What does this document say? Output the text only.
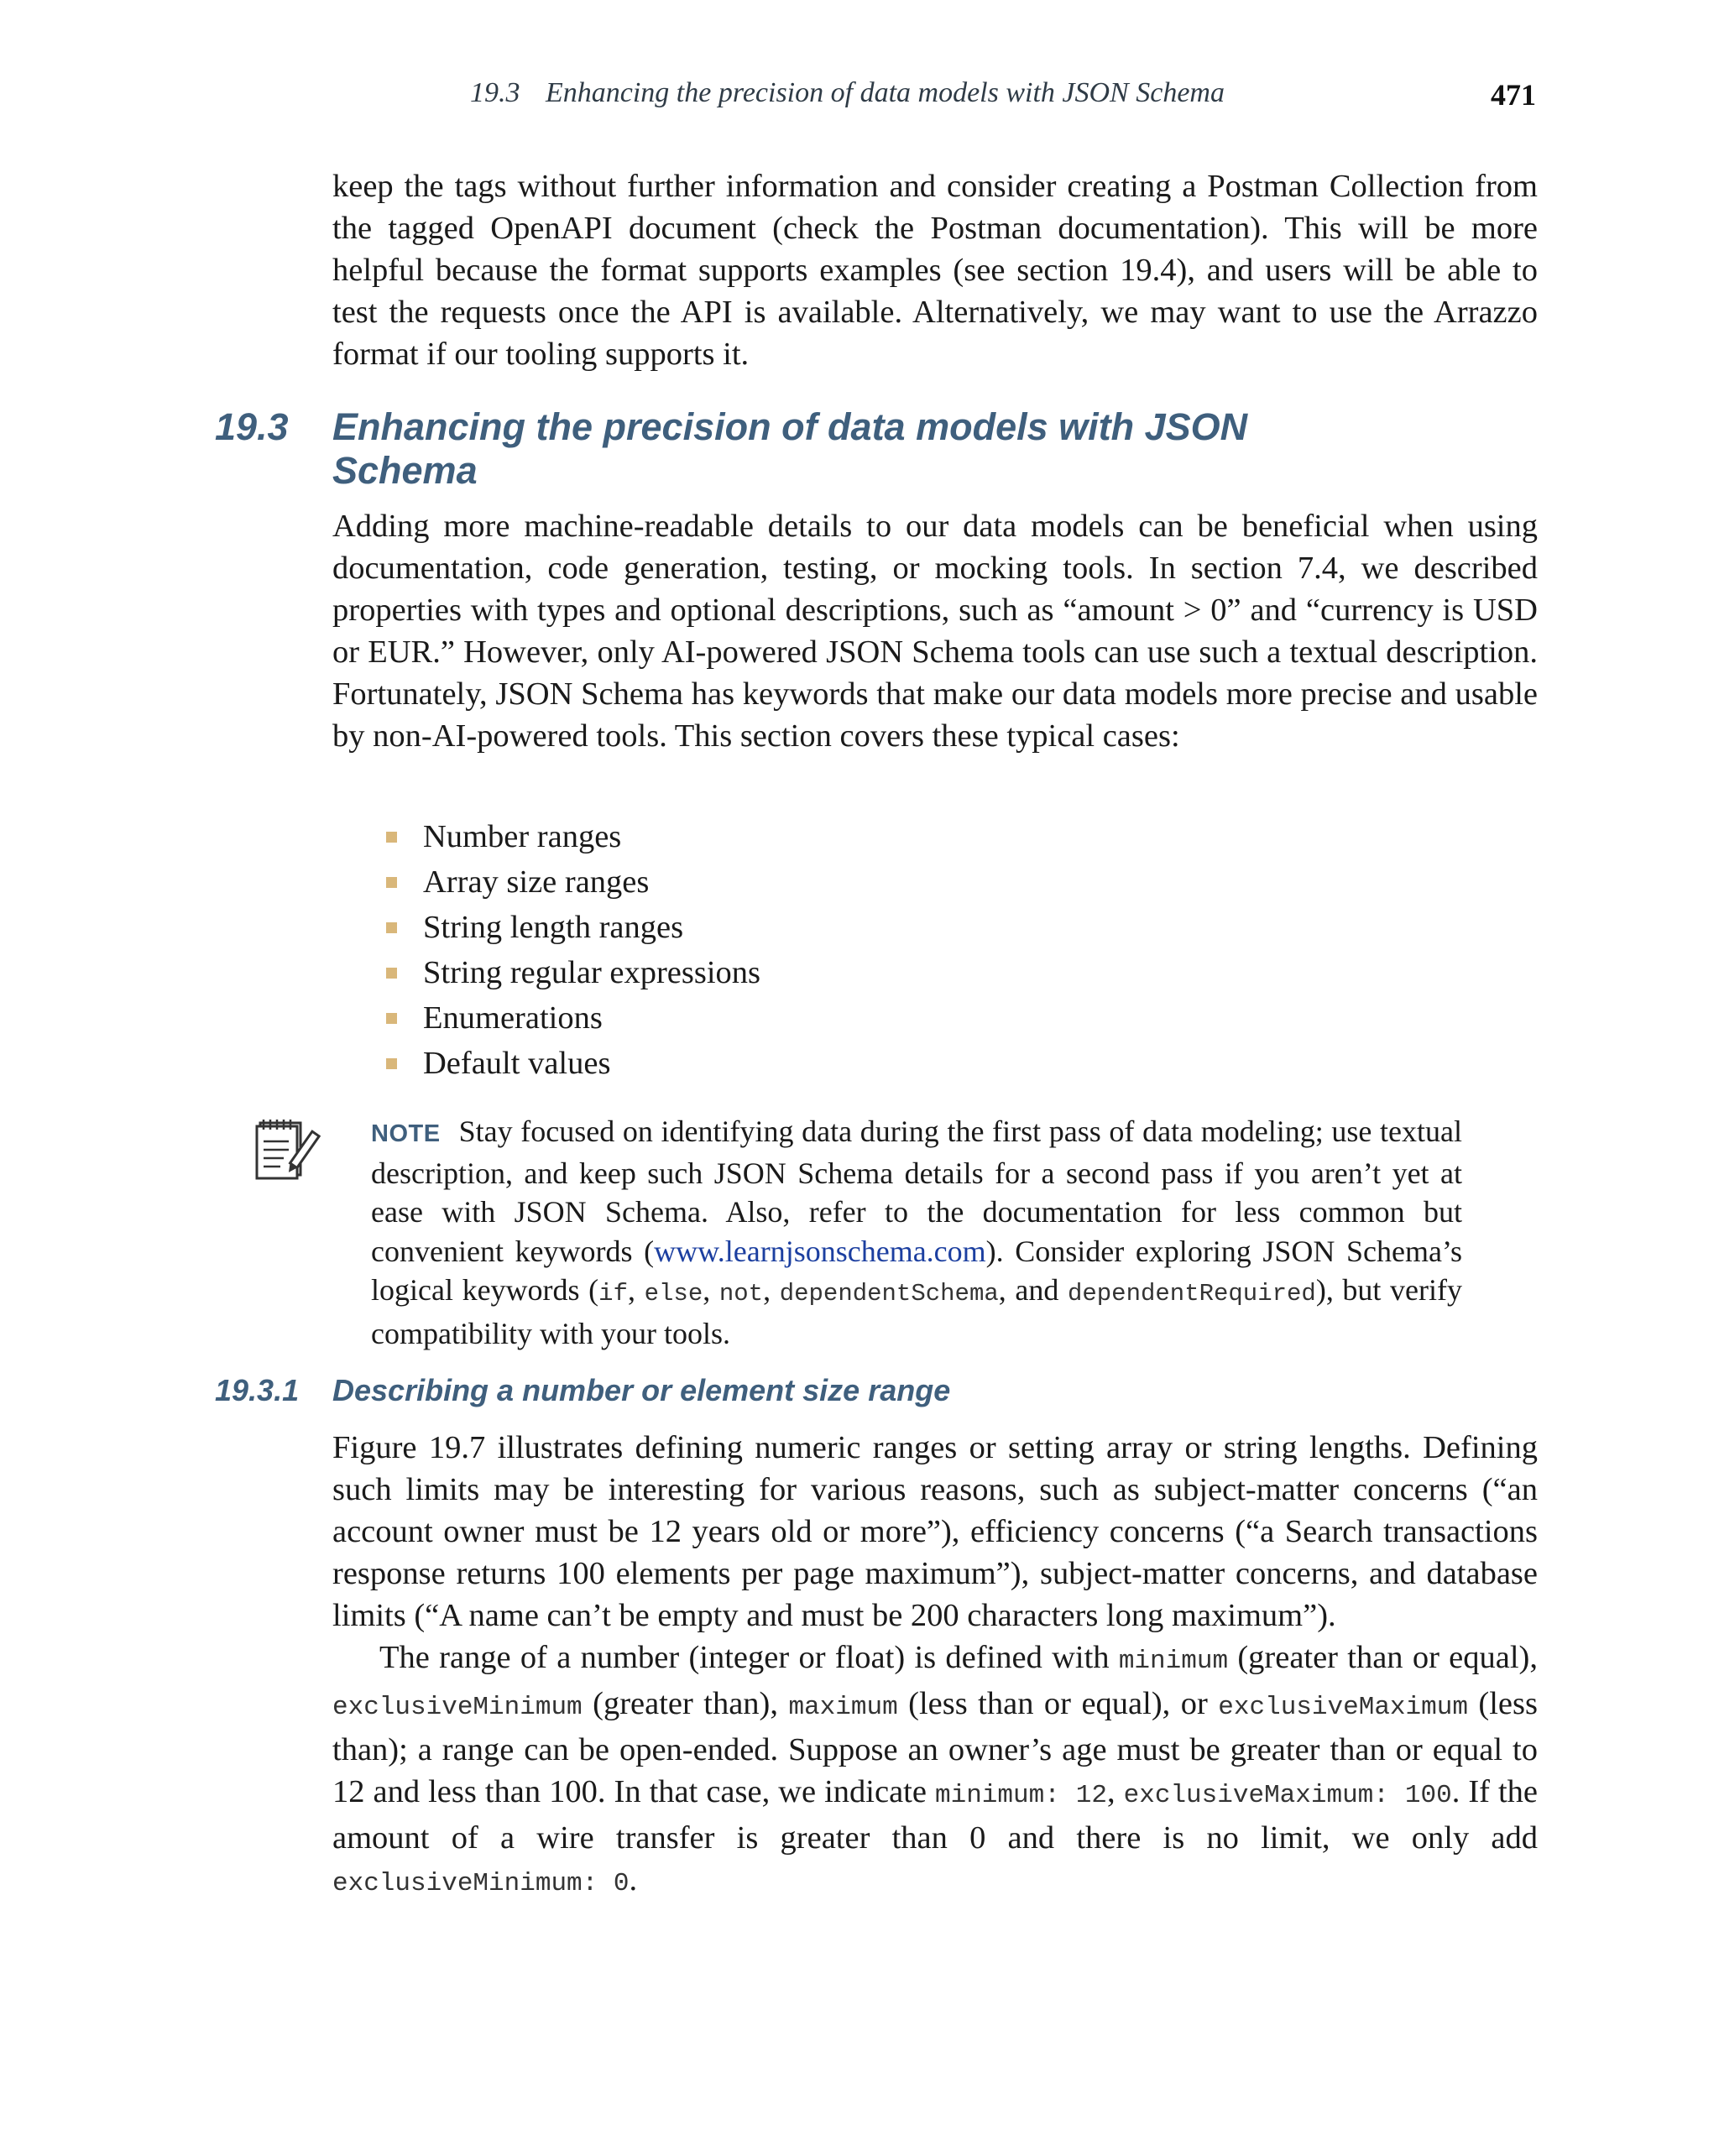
19.3 Enhancing the precision of data models with JSON Schema	471

keep the tags without further information and consider creating a Postman Collection from the tagged OpenAPI document (check the Postman documentation). This will be more helpful because the format supports examples (see section 19.4), and users will be able to test the requests once the API is available. Alternatively, we may want to use the Arrazzo format if our tooling supports it.

19.3 Enhancing the precision of data models with JSON Schema

Adding more machine-readable details to our data models can be beneficial when using documentation, code generation, testing, or mocking tools. In section 7.4, we described properties with types and optional descriptions, such as “amount > 0” and “currency is USD or EUR.” However, only AI-powered JSON Schema tools can use such a textual description. Fortunately, JSON Schema has keywords that make our data models more precise and usable by non-AI-powered tools. This section covers these typical cases:

Number ranges
Array size ranges
String length ranges
String regular expressions
Enumerations
Default values

NOTE Stay focused on identifying data during the first pass of data modeling; use textual description, and keep such JSON Schema details for a second pass if you aren’t yet at ease with JSON Schema. Also, refer to the documentation for less common but convenient keywords (www.learnjsonschema.com). Consider exploring JSON Schema’s logical keywords (if, else, not, dependentSchema, and dependentRequired), but verify compatibility with your tools.

19.3.1 Describing a number or element size range

Figure 19.7 illustrates defining numeric ranges or setting array or string lengths. Defining such limits may be interesting for various reasons, such as subject-matter concerns (“an account owner must be 12 years old or more”), efficiency concerns (“a Search transactions response returns 100 elements per page maximum”), subject-matter concerns, and database limits (“A name can’t be empty and must be 200 characters long maximum”).

The range of a number (integer or float) is defined with minimum (greater than or equal), exclusiveMinimum (greater than), maximum (less than or equal), or exclusiveMaximum (less than); a range can be open-ended. Suppose an owner’s age must be greater than or equal to 12 and less than 100. In that case, we indicate minimum: 12, exclusiveMaximum: 100. If the amount of a wire transfer is greater than 0 and there is no limit, we only add exclusiveMinimum: 0.
